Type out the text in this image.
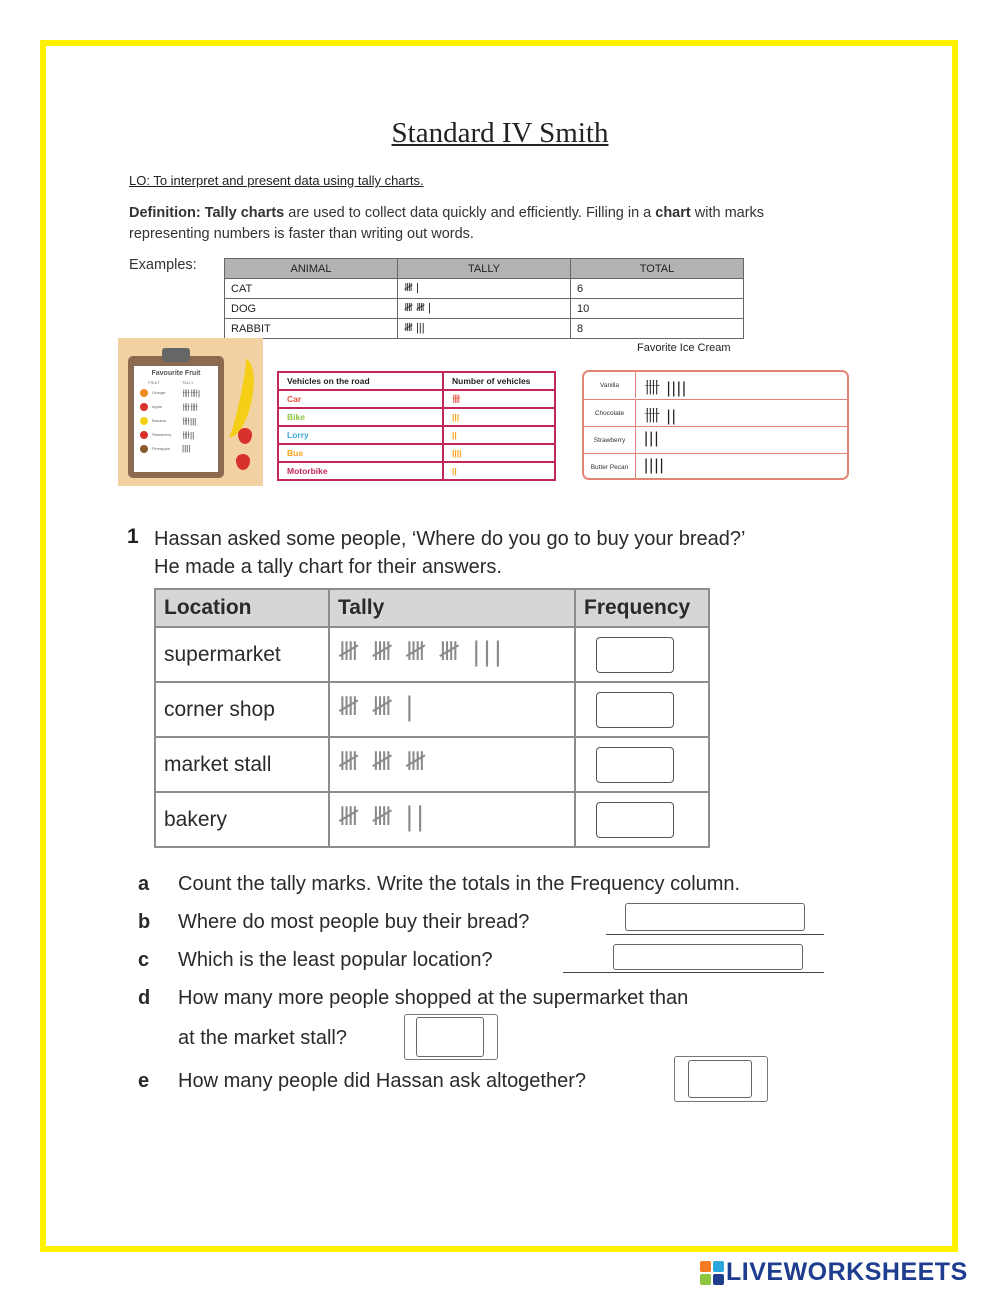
Standard IV Smith
LO: To interpret and present data using tally charts.
Definition: Tally charts are used to collect data quickly and efficiently. Filling in a chart with marks representing numbers is faster than writing out words.
Examples:	ANIMAL	TALLY	TOTAL
CAT	𝍸 |	6
DOG	𝍸 𝍸 |	10
RABBIT	𝍸 |||	8
Favourite Fruit
FRUIT	TALLY
Orange 卌卌|
Apple 卌卌
Banana 卌|||
Strawberry 卌||
Pineapple ||||
Vehicles on the road	Number of vehicles
Car	卌
Bike	|||
Lorry	||
Bus	||||
Motorbike	||
Favorite Ice Cream
Vanilla	卌 ||||
Chocolate	卌 ||
Strawberry	|||
Butter Pecan ||||
1 Hassan asked some people, ‘Where do you go to buy your bread?’
He made a tally chart for their answers.
Location	Tally	Frequency
supermarket	𝍸 𝍸 𝍸 𝍸 |||	

corner shop	𝍸 𝍸 |	

market stall	𝍸 𝍸 𝍸	

bakery	𝍸 𝍸 ||	
a Count the tally marks. Write the totals in the Frequency column.
b Where do most people buy their bread?
c Which is the least popular location?
d How many more people shopped at the supermarket than
at the market stall?
e How many people did Hassan ask altogether?
LIVEWORKSHEETS
